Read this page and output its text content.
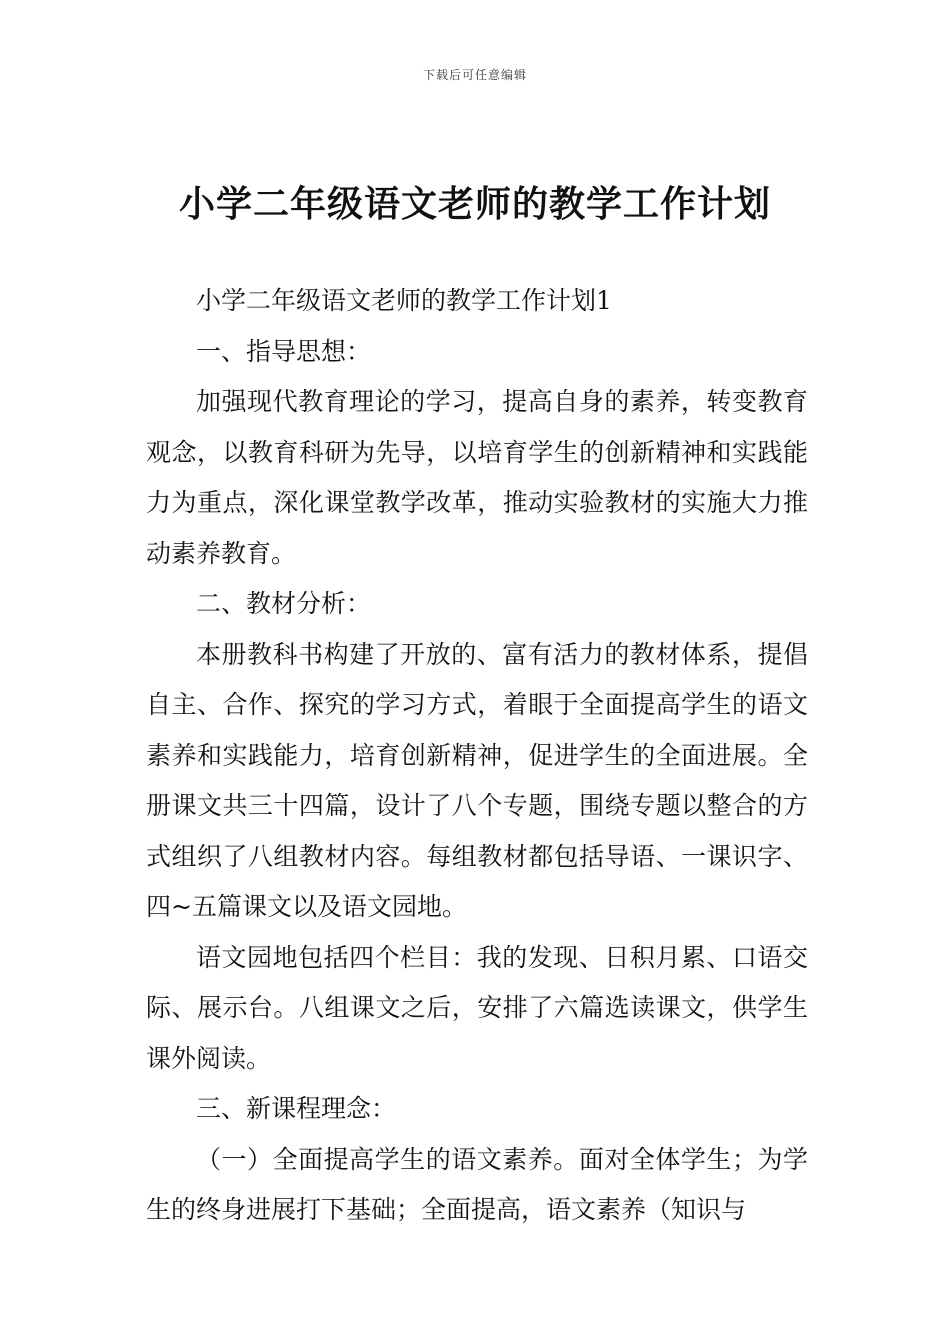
下载后可任意编辑
小学二年级语文老师的教学工作计划

小学二年级语文老师的教学工作计划1

一、指导思想：

加强现代教育理论的学习，提高自身的素养，转变教育观念，以教育科研为先导，以培育学生的创新精神和实践能力为重点，深化课堂教学改革，推动实验教材的实施大力推动素养教育。

二、教材分析：

本册教科书构建了开放的、富有活力的教材体系，提倡自主、合作、探究的学习方式，着眼于全面提高学生的语文素养和实践能力，培育创新精神，促进学生的全面进展。全册课文共三十四篇，设计了八个专题，围绕专题以整合的方式组织了八组教材内容。每组教材都包括导语、一课识字、四~五篇课文以及语文园地。

语文园地包括四个栏目：我的发现、日积月累、口语交际、展示台。八组课文之后，安排了六篇选读课文，供学生课外阅读。

三、新课程理念：

（一）全面提高学生的语文素养。面对全体学生；为学生的终身进展打下基础；全面提高，语文素养（知识与
